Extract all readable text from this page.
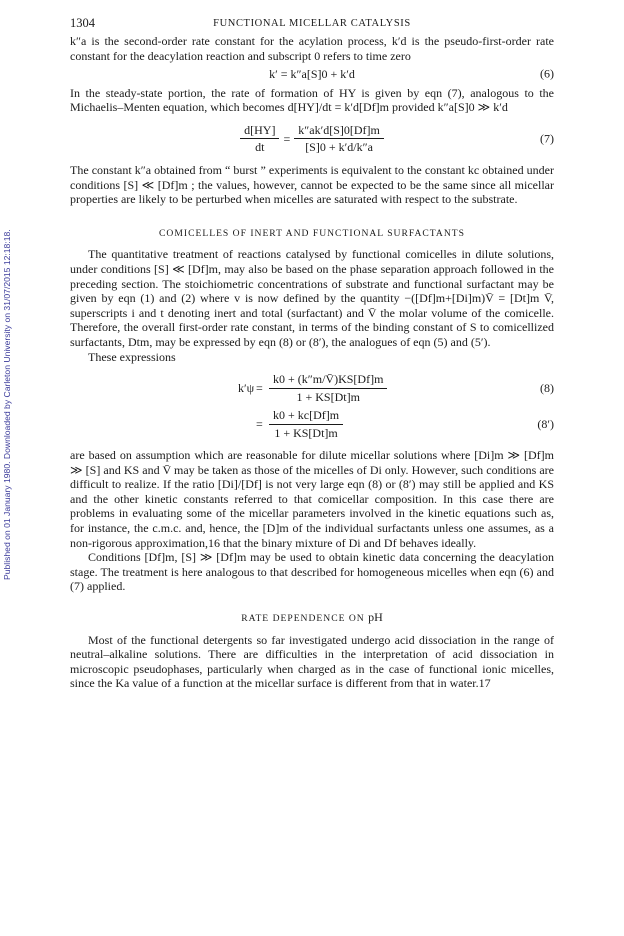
Published on 01 January 1980. Downloaded by Carleton University on 31/07/2015 12:18:18.
1304	FUNCTIONAL MICELLAR CATALYSIS

k″a is the second-order rate constant for the acylation process, k′d is the pseudo-first-order rate constant for the deacylation reaction and subscript 0 refers to time zero

k′ = k″a[S]0 + k′d	(6)

In the steady-state portion, the rate of formation of HY is given by eqn (7), analogous to the Michaelis–Menten equation, which becomes d[HY]/dt = k′d[Df]m provided k″a[S]0 ≫ k′d

$\frac{d[HY]}{dt} = \frac{k''ak'd[S]0[Df]m}{[S]0 + k'd/k''a}$	(7)

The constant k″a obtained from “ burst ” experiments is equivalent to the constant kc obtained under conditions [S] ≪ [Df]m ; the values, however, cannot be expected to be the same since all micellar properties are likely to be perturbed when micelles are saturated with respect to the substrate.

COMICELLES OF INERT AND FUNCTIONAL SURFACTANTS

The quantitative treatment of reactions catalysed by functional comicelles in dilute solutions, under conditions [S] ≪ [Df]m, may also be based on the phase separation approach followed in the preceding section. The stoichiometric concentrations of substrate and functional surfactant may be given by eqn (1) and (2) where v is now defined by the quantity −([Df]m+[Di]m)V̄ = [Dt]m V̄, superscripts i and t denoting inert and total (surfactant) and V̄ the molar volume of the comicelle. Therefore, the overall first-order rate constant, in terms of the binding constant of S to comicellized surfactants, Dtm, may be expressed by eqn (8) or (8′), the analogues of eqn (5) and (5′).

These expressions

$k'\psi = \frac{k0 + (k''m/V̄)KS[Df]m}{1 + KS[Dt]m}$	(8)
= $\frac{k0 + kc[Df]m}{1 + KS[Dt]m}$	(8′)

are based on assumption which are reasonable for dilute micellar solutions where [Di]m ≫ [Df]m ≫ [S] and KS and V̄ may be taken as those of the micelles of Di only. However, such conditions are difficult to realize. If the ratio [Di]/[Df] is not very large eqn (8) or (8′) may still be applied and KS and the other kinetic constants referred to that comicellar composition. In this case there are problems in evaluating some of the micellar parameters involved in the kinetic equations such as, for instance, the c.m.c. and, hence, the [D]m of the individual surfactants unless one assumes, as a non-rigorous approximation,16 that the binary mixture of Di and Df behaves ideally.

Conditions [Df]m, [S] ≫ [Df]m may be used to obtain kinetic data concerning the deacylation stage. The treatment is here analogous to that described for homogeneous micelles when eqn (6) and (7) applied.

RATE DEPENDENCE ON pH

Most of the functional detergents so far investigated undergo acid dissociation in the range of neutral–alkaline solutions. There are difficulties in the interpretation of acid dissociation in microscopic pseudophases, particularly when charged as in the case of functional ionic micelles, since the Ka value of a function at the micellar surface is different from that in water.17
